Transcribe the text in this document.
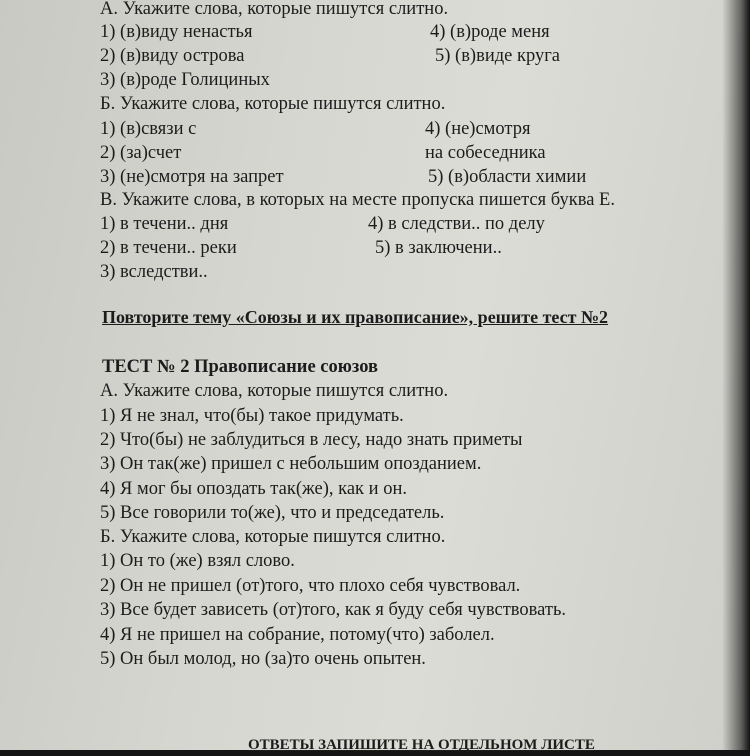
А. Укажите слова, которые пишутся слитно.
1) (в)виду ненастья	4) (в)роде меня
2) (в)виду острова	5) (в)виде круга
3) (в)роде Голициных
Б. Укажите слова, которые пишутся слитно.
1) (в)связи с	4) (не)смотря
2) (за)счет	на собеседника
3) (не)смотря на запрет	5) (в)области химии
В. Укажите слова, в которых на месте пропуска пишется буква Е.
1) в течени.. дня	4) в следстви.. по делу
2) в течени.. реки	5) в заключени..
3) вследстви..
Повторите тему «Союзы и их правописание», решите тест №2
ТЕСТ № 2 Правописание союзов
А. Укажите слова, которые пишутся слитно.
1) Я не знал, что(бы) такое придумать.
2) Что(бы) не заблудиться в лесу, надо знать приметы
3) Он так(же) пришел с небольшим опозданием.
4) Я мог бы опоздать так(же), как и он.
5) Все говорили то(же), что и председатель.
Б. Укажите слова, которые пишутся слитно.
1) Он то (же) взял слово.
2) Он не пришел (от)того, что плохо себя чувствовал.
3) Все будет зависеть (от)того, как я буду себя чувствовать.
4) Я не пришел на собрание, потому(что) заболел.
5) Он был молод, но (за)то очень опытен.
ОТВЕТЫ ЗАПИШИТЕ НА ОТДЕЛЬНОМ ЛИСТЕ
